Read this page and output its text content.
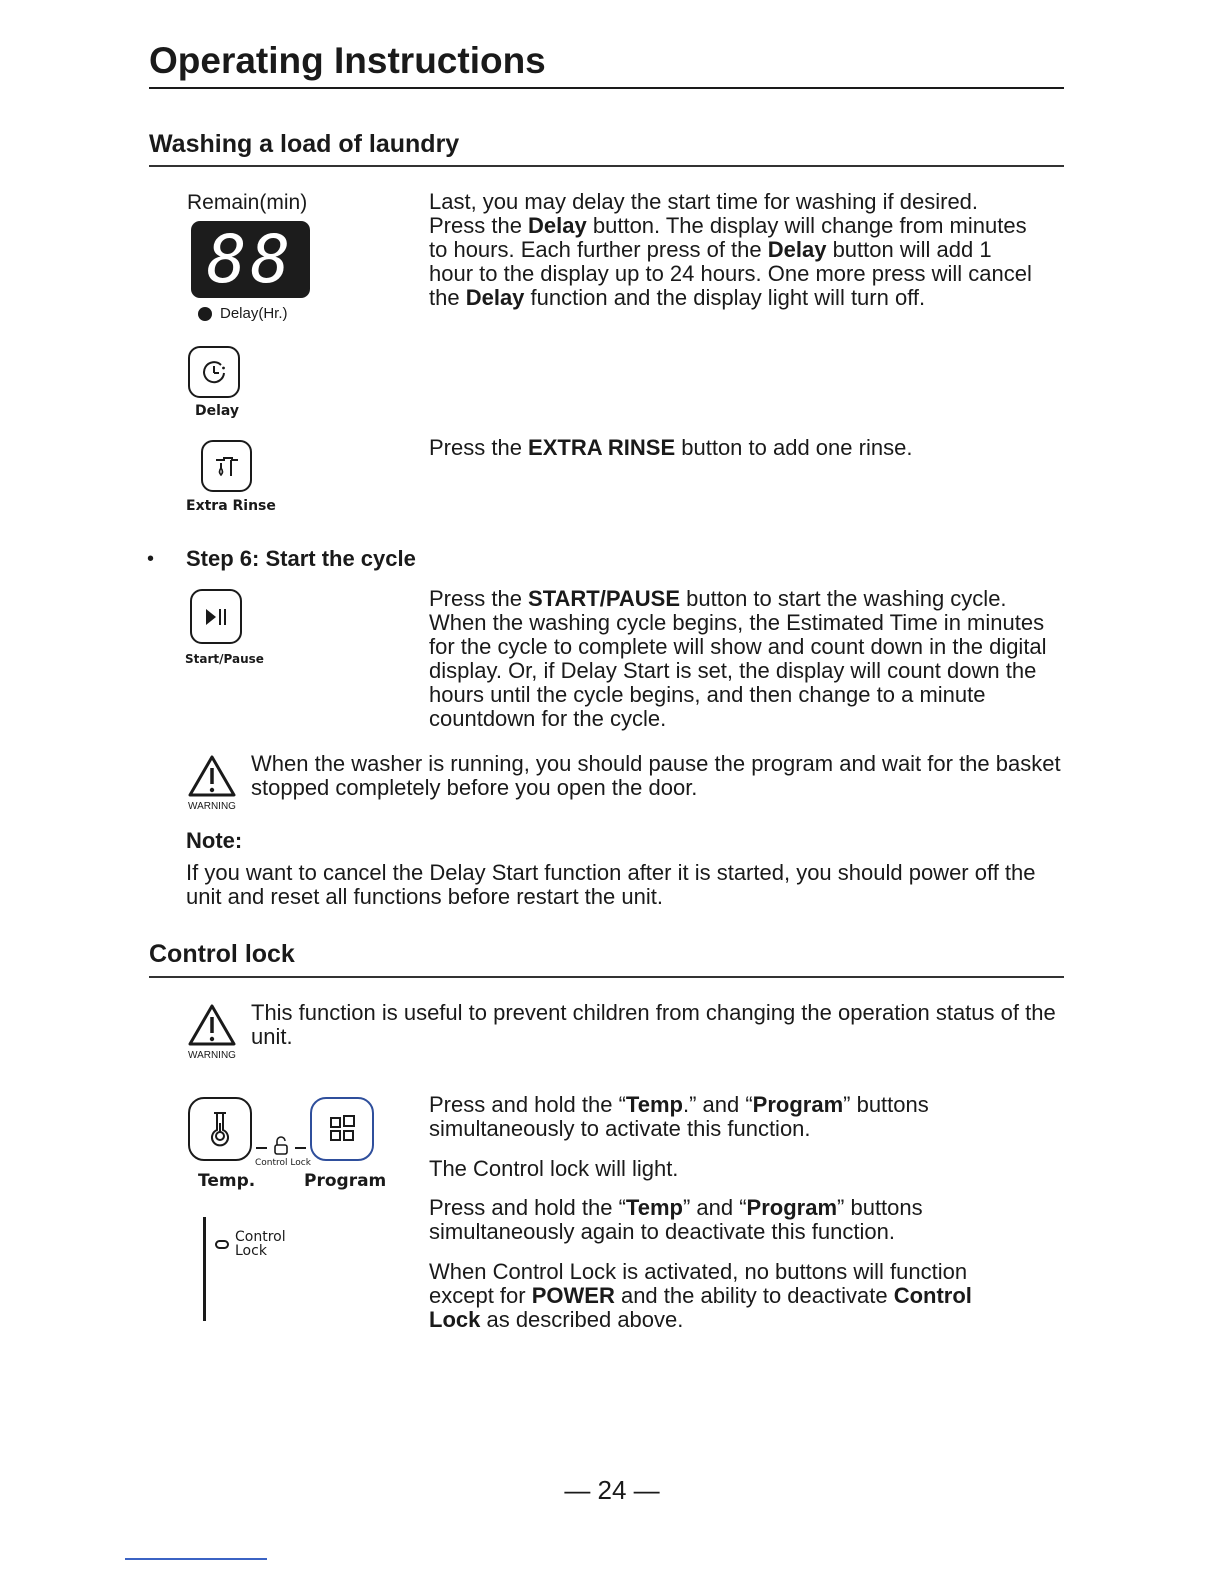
Operating Instructions
Washing a load of laundry
Remain(min)
88
Delay(Hr.)
Delay
Last, you may delay the start time for washing if desired. Press the Delay button. The display will change from minutes to hours. Each further press of the Delay button will add 1 hour to the display up to 24 hours. One more press will cancel the Delay function and the display light will turn off.
Extra Rinse
Press the EXTRA RINSE button to add one rinse.
• Step 6: Start the cycle
Start/Pause
Press the START/PAUSE button to start the washing cycle. When the washing cycle begins, the Estimated Time in minutes for the cycle to complete will show and count down in the digital display. Or, if Delay Start is set, the display will count down the hours until the cycle begins, and then change to a minute countdown for the cycle.
WARNING
When the washer is running, you should pause the program and wait for the basket stopped completely before you open the door.
Note:
If you want to cancel the Delay Start function after it is started, you should power off the unit and reset all functions before restart the unit.
Control lock
WARNING
This function is useful to prevent children from changing the operation status of the unit.
Control Lock
Temp.	Program
Control
Lock
Press and hold the “Temp.” and “Program” buttons simultaneously to activate this function.
The Control lock will light.
Press and hold the “Temp” and “Program” buttons simultaneously again to deactivate this function.
When Control Lock is activated, no buttons will function except for POWER and the ability to deactivate Control Lock as described above.
— 24 —
